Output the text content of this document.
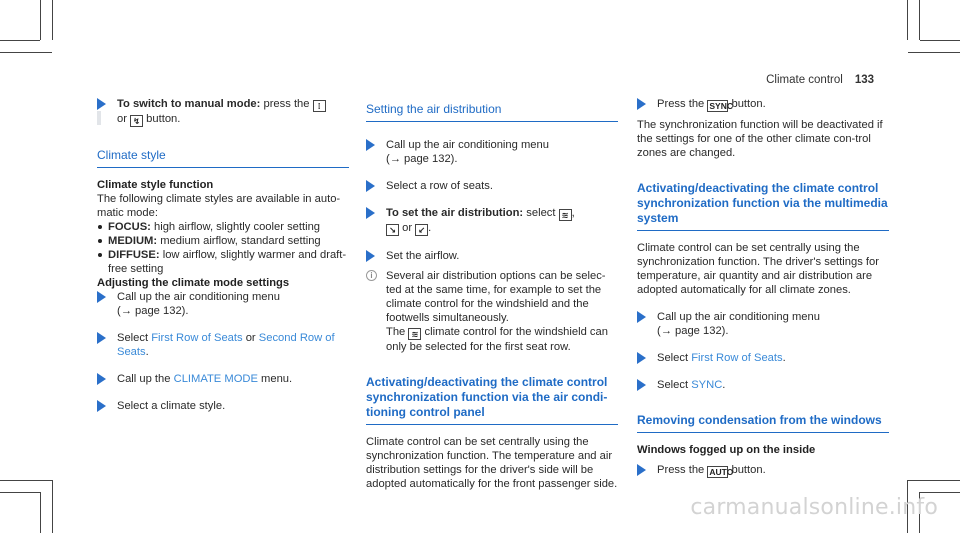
Climate control 133
To switch to manual mode: press the ⁞
or ↯ button.
Climate style
Climate style function
The following climate styles are available in auto-matic mode:
FOCUS: high airflow, slightly cooler setting
MEDIUM: medium airflow, standard setting
DIFFUSE: low airflow, slightly warmer and draft-free setting
Adjusting the climate mode settings
Call up the air conditioning menu
(→ page 132).
Select First Row of Seats or Second Row of Seats.
Call up the CLIMATE MODE menu.
Select a climate style.
Setting the air distribution
Call up the air conditioning menu
(→ page 132).
Select a row of seats.
To set the air distribution: select ≋ ,
↘ or ↙ .
Set the airflow.
i	Several air distribution options can be selec-ted at the same time, for example to set the climate control for the windshield and the footwells simultaneously.
The ≋ climate control for the windshield can only be selected for the first seat row.
Activating/deactivating the climate control synchronization function via the air condi-tioning control panel
Climate control can be set centrally using the synchronization function. The temperature and air distribution settings for the driver's side will be adopted automatically for the front passenger side.
Press the SYNC button.
The synchronization function will be deactivated if the settings for one of the other climate con-trol zones are changed.
Activating/deactivating the climate control synchronization function via the multimedia system
Climate control can be set centrally using the synchronization function. The driver's settings for temperature, air quantity and air distribution are adopted automatically for all climate zones.
Call up the air conditioning menu
(→ page 132).
Select First Row of Seats.
Select SYNC.
Removing condensation from the windows
Windows fogged up on the inside
Press the AUTO button.
carmanualsonline.info
